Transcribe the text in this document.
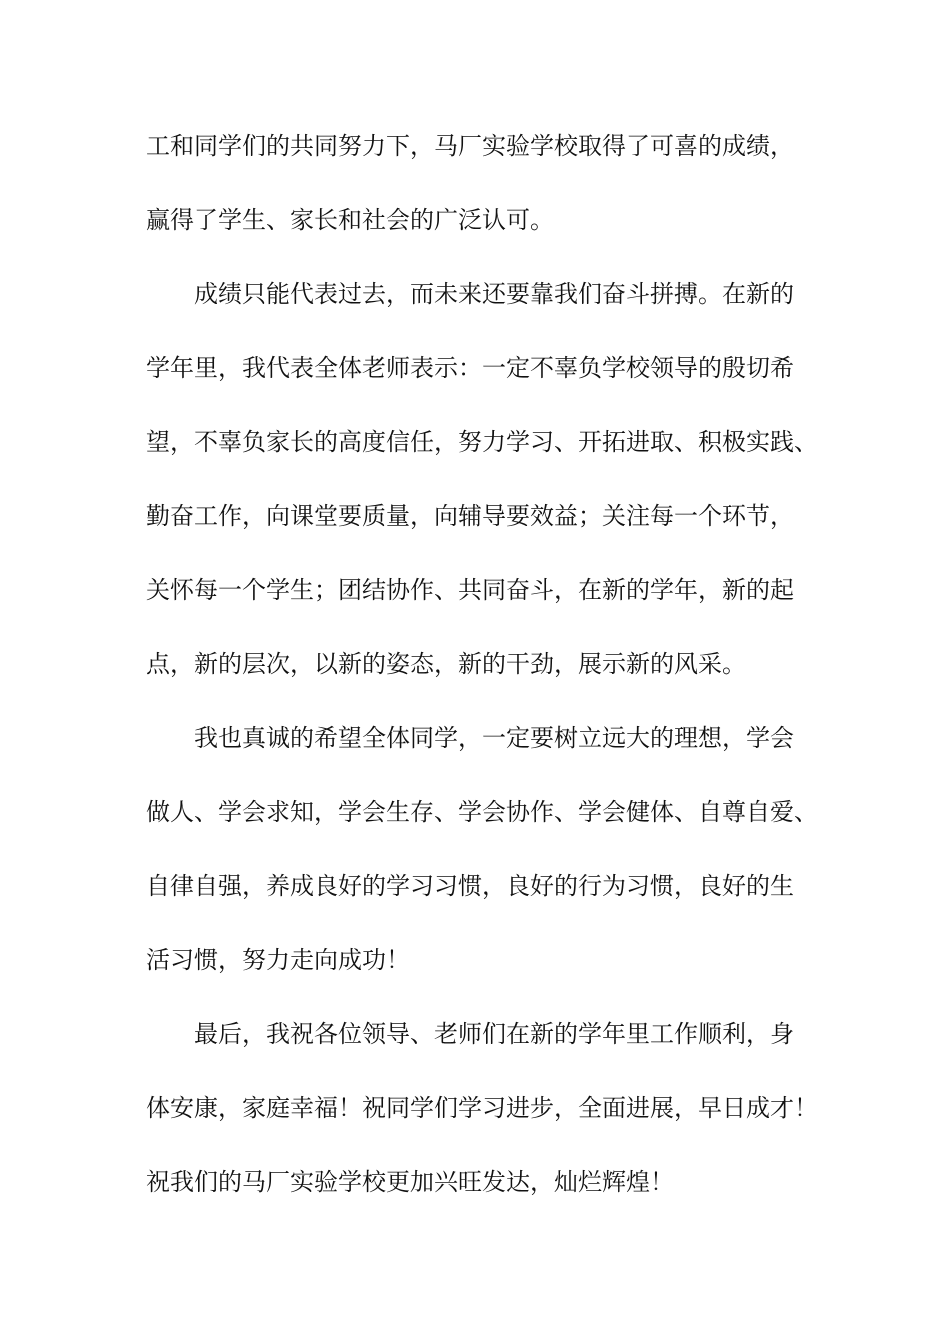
工和同学们的共同努力下，马厂实验学校取得了可喜的成绩，
赢得了学生、家长和社会的广泛认可。
成绩只能代表过去，而未来还要靠我们奋斗拼搏。在新的
学年里，我代表全体老师表示：一定不辜负学校领导的殷切希
望，不辜负家长的高度信任，努力学习、开拓进取、积极实践、
勤奋工作，向课堂要质量，向辅导要效益；关注每一个环节，
关怀每一个学生；团结协作、共同奋斗，在新的学年，新的起
点，新的层次，以新的姿态，新的干劲，展示新的风采。
我也真诚的希望全体同学，一定要树立远大的理想，学会
做人、学会求知，学会生存、学会协作、学会健体、自尊自爱、
自律自强，养成良好的学习习惯，良好的行为习惯，良好的生
活习惯，努力走向成功！
最后，我祝各位领导、老师们在新的学年里工作顺利，身
体安康，家庭幸福！祝同学们学习进步，全面进展，早日成才！
祝我们的马厂实验学校更加兴旺发达，灿烂辉煌！
